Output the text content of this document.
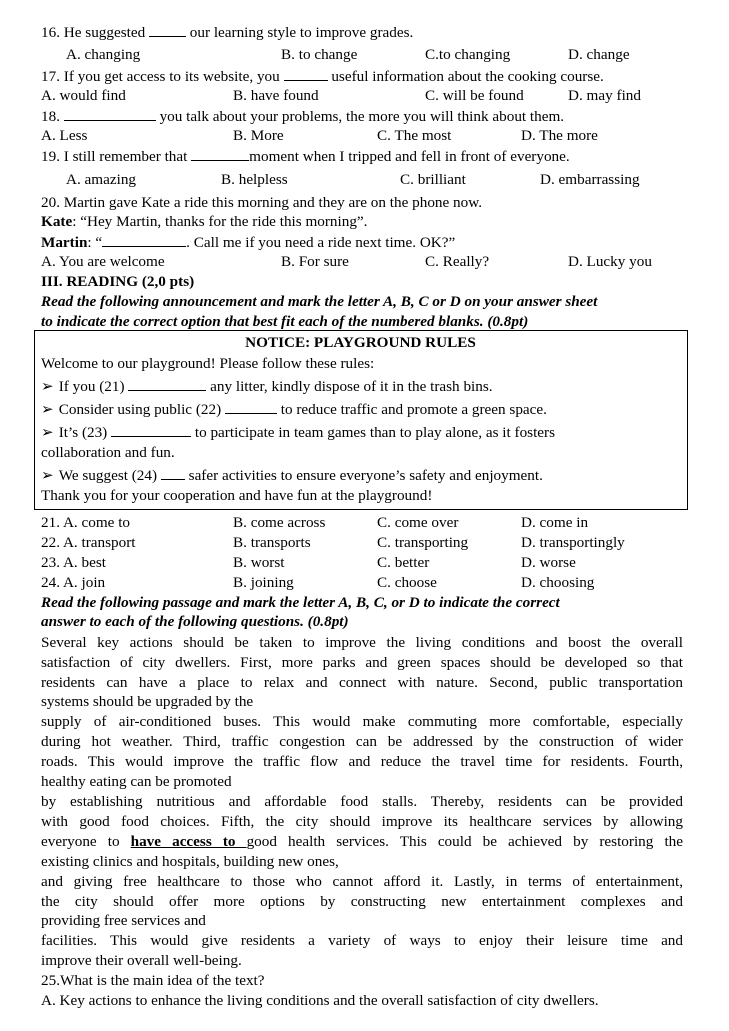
16. He suggested  our learning style to improve grades.
A. changing	B. to change	C.to changing	D. change
17. If you get access to its website, you	useful information about the cooking course.
A. would find	B. have found	C. will be found	D. may find
18.	you talk about your problems, the more you will think about them.
A. Less	B. More	C. The most	D. The more
19. I still remember that	moment when I tripped and fell in front of everyone.
A. amazing	B. helpless	C. brilliant	D. embarrassing
20. Martin gave Kate a ride this morning and they are on the phone now.
Kate: “Hey Martin, thanks for the ride this morning”.
Martin: “	. Call me if you need a ride next time. OK?”
A. You are welcome	B. For sure	C. Really?	D. Lucky you
III. READING (2,0 pts)
Read the following announcement and mark the letter A, B, C or D on your answer sheet
to indicate the correct option that best fit each of the numbered blanks. (0.8pt)
NOTICE: PLAYGROUND RULES
Welcome to our playground! Please follow these rules:
➢ If you (21)	any litter, kindly dispose of it in the trash bins.
➢ Consider using public (22)	to reduce traffic and promote a green space.
➢ It’s (23)	to participate in team games than to play alone, as it fosters
collaboration and fun.
➢ We suggest (24)  safer activities to ensure everyone’s safety and enjoyment.
Thank you for your cooperation and have fun at the playground!
21. A. come to	B. come across	C. come over	D. come in
22. A. transport	B. transports	C. transporting	D. transportingly
23. A. best	B. worst	C. better	D. worse
24. A. join	B. joining	C. choose	D. choosing
Read the following passage and mark the letter A, B, C, or D to indicate the correct
answer to each of the following questions. (0.8pt)
Several key actions should be taken to improve the living conditions and boost the overall
satisfaction of city dwellers. First, more parks and green spaces should be developed so that
residents can have a place to relax and connect with nature. Second, public transportation
systems should be upgraded by the
supply of air-conditioned buses. This would make commuting more comfortable, especially
during hot weather. Third, traffic congestion can be addressed by the construction of wider
roads. This would improve the traffic flow and reduce the travel time for residents. Fourth,
healthy eating can be promoted
by establishing nutritious and affordable food stalls. Thereby, residents can be provided
with good food choices. Fifth, the city should improve its healthcare services by allowing
everyone to have access to good health services. This could be achieved by restoring the
existing clinics and hospitals, building new ones,
and giving free healthcare to those who cannot afford it. Lastly, in terms of entertainment,
the city should offer more options by constructing new entertainment complexes and
providing free services and
facilities. This would give residents a variety of ways to enjoy their leisure time and
improve their overall well-being.
25.What is the main idea of the text?
A. Key actions to enhance the living conditions and the overall satisfaction of city dwellers.
